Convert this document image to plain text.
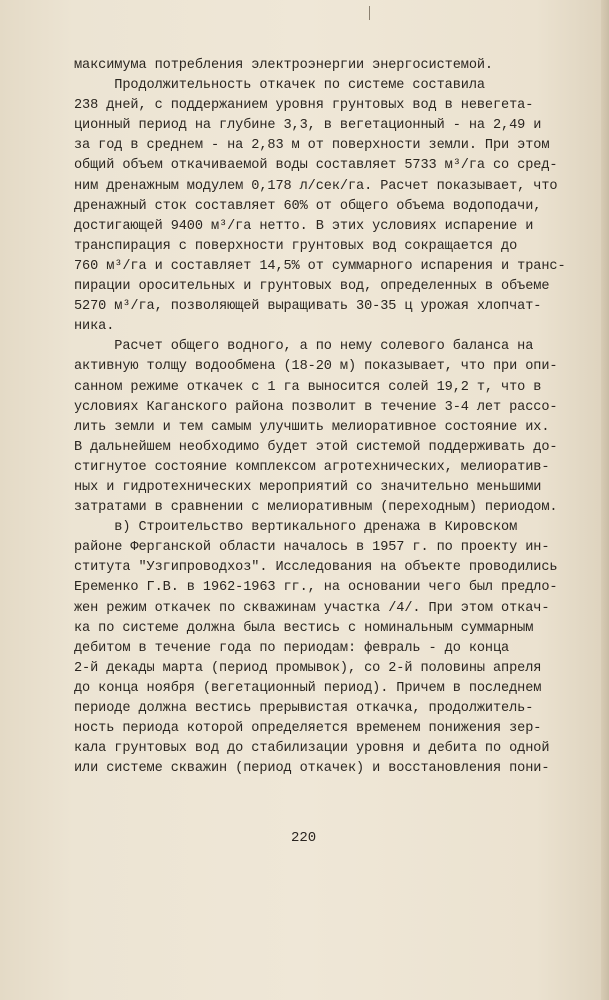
максимума потребления электроэнергии энергосистемой.
Продолжительность откачек по системе составила
238 дней, с поддержанием уровня грунтовых вод в невегета-
ционный период на глубине 3,3, в вегетационный - на 2,49 и
за год в среднем - на 2,83 м от поверхности земли. При этом
общий объем откачиваемой воды составляет 5733 м³/га со сред-
ним дренажным модулем 0,178 л/сек/га. Расчет показывает, что
дренажный сток составляет 60% от общего объема водоподачи,
достигающей 9400 м³/га нетто. В этих условиях испарение и
транспирация с поверхности грунтовых вод сокращается до
760 м³/га и составляет 14,5% от суммарного испарения и транс-
пирации оросительных и грунтовых вод, определенных в объеме
5270 м³/га, позволяющей выращивать 30-35 ц урожая хлопчат-
ника.
Расчет общего водного, а по нему солевого баланса на
активную толщу водообмена (18-20 м) показывает, что при опи-
санном режиме откачек с 1 га выносится солей 19,2 т, что в
условиях Каганского района позволит в течение 3-4 лет рассо-
лить земли и тем самым улучшить мелиоративное состояние их.
В дальнейшем необходимо будет этой системой поддерживать до-
стигнутое состояние комплексом агротехнических, мелиоратив-
ных и гидротехнических мероприятий со значительно меньшими
затратами в сравнении с мелиоративным (переходным) периодом.
в) Строительство вертикального дренажа в Кировском
районе Ферганской области началось в 1957 г. по проекту ин-
ститута "Узгипроводхоз". Исследования на объекте проводились
Еременко Г.В. в 1962-1963 гг., на основании чего был предло-
жен режим откачек по скважинам участка /4/. При этом откач-
ка по системе должна была вестись с номинальным суммарным
дебитом в течение года по периодам: февраль - до конца
2-й декады марта (период промывок), со 2-й половины апреля
до конца ноября (вегетационный период). Причем в последнем
периоде должна вестись прерывистая откачка, продолжитель-
ность периода которой определяется временем понижения зер-
кала грунтовых вод до стабилизации уровня и дебита по одной
или системе скважин (период откачек) и восстановления пони-
220
